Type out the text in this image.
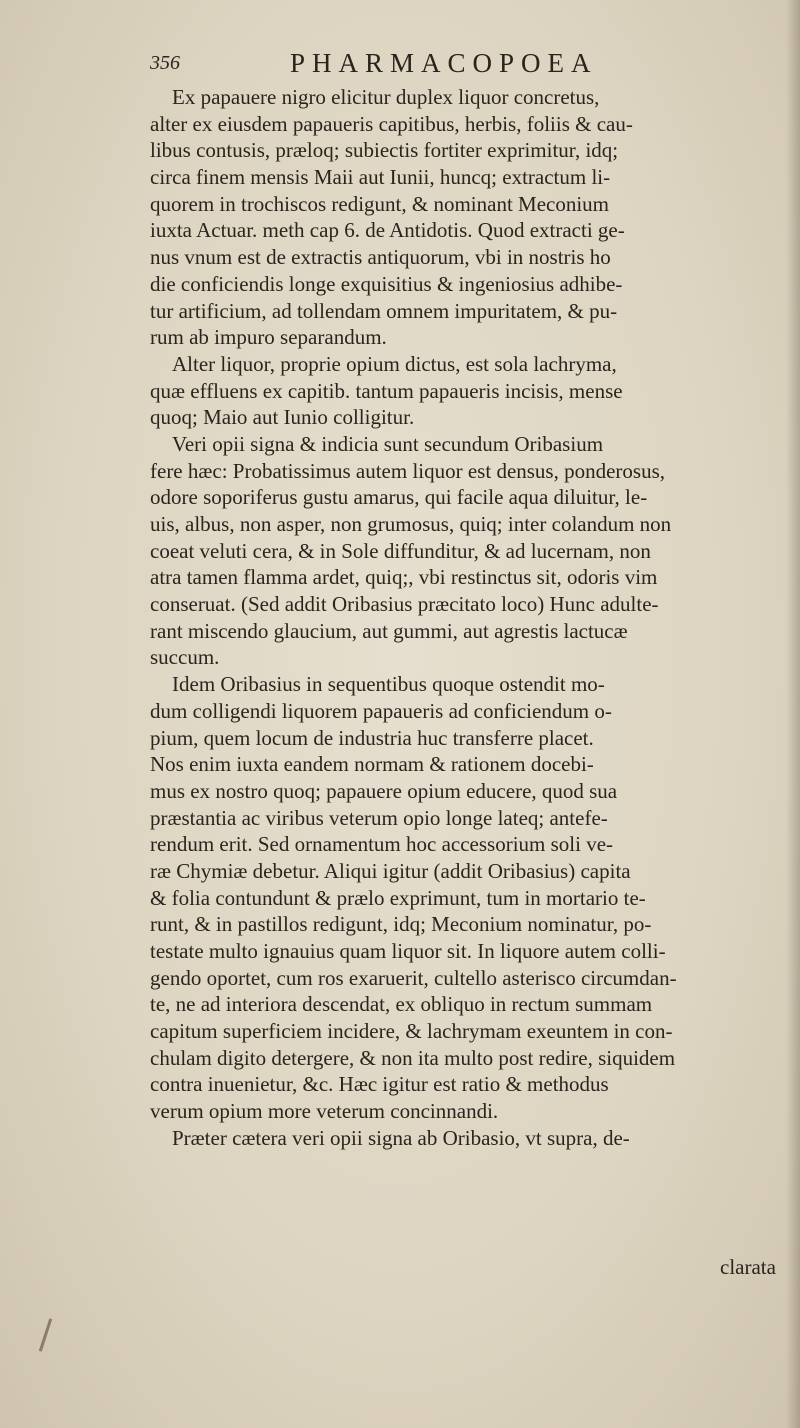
356	PHARMACOPOEA
Ex papauere nigro elicitur duplex liquor concretus,
alter ex eiusdem papaueris capitibus, herbis, foliis & cau-
libus contusis, præloq; subiectis fortiter exprimitur, idq;
circa finem mensis Maii aut Iunii, huncq; extractum li-
quorem in trochiscos redigunt, & nominant Meconium
iuxta Actuar. meth cap 6. de Antidotis. Quod extracti ge-
nus vnum est de extractis antiquorum, vbi in nostris ho
die conficiendis longe exquisitius & ingeniosius adhibe-
tur artificium, ad tollendam omnem impuritatem, & pu-
rum ab impuro separandum.
Alter liquor, proprie opium dictus, est sola lachryma,
quæ effluens ex capitib. tantum papaueris incisis, mense
quoq; Maio aut Iunio colligitur.
Veri opii signa & indicia sunt secundum Oribasium
fere hæc: Probatissimus autem liquor est densus, ponderosus,
odore soporiferus gustu amarus, qui facile aqua diluitur, le-
uis, albus, non asper, non grumosus, quiq; inter colandum non
coeat veluti cera, & in Sole diffunditur, & ad lucernam, non
atra tamen flamma ardet, quiq;, vbi restinctus sit, odoris vim
conseruat. (Sed addit Oribasius præcitato loco) Hunc adulte-
rant miscendo glaucium, aut gummi, aut agrestis lactucæ
succum.
Idem Oribasius in sequentibus quoque ostendit mo-
dum colligendi liquorem papaueris ad conficiendum o-
pium, quem locum de industria huc transferre placet.
Nos enim iuxta eandem normam & rationem docebi-
mus ex nostro quoq; papauere opium educere, quod sua
præstantia ac viribus veterum opio longe lateq; antefe-
rendum erit. Sed ornamentum hoc accessorium soli ve-
ræ Chymiæ debetur. Aliqui igitur (addit Oribasius) capita
& folia contundunt & prælo exprimunt, tum in mortario te-
runt, & in pastillos redigunt, idq; Meconium nominatur, po-
testate multo ignauius quam liquor sit. In liquore autem colli-
gendo oportet, cum ros exaruerit, cultello asterisco circumdan-
te, ne ad interiora descendat, ex obliquo in rectum summam
capitum superficiem incidere, & lachrymam exeuntem in con-
chulam digito detergere, & non ita multo post redire, siquidem
contra inuenietur, &c. Hæc igitur est ratio & methodus
verum opium more veterum concinnandi.
Præter cætera veri opii signa ab Oribasio, vt supra, de-
clarata
